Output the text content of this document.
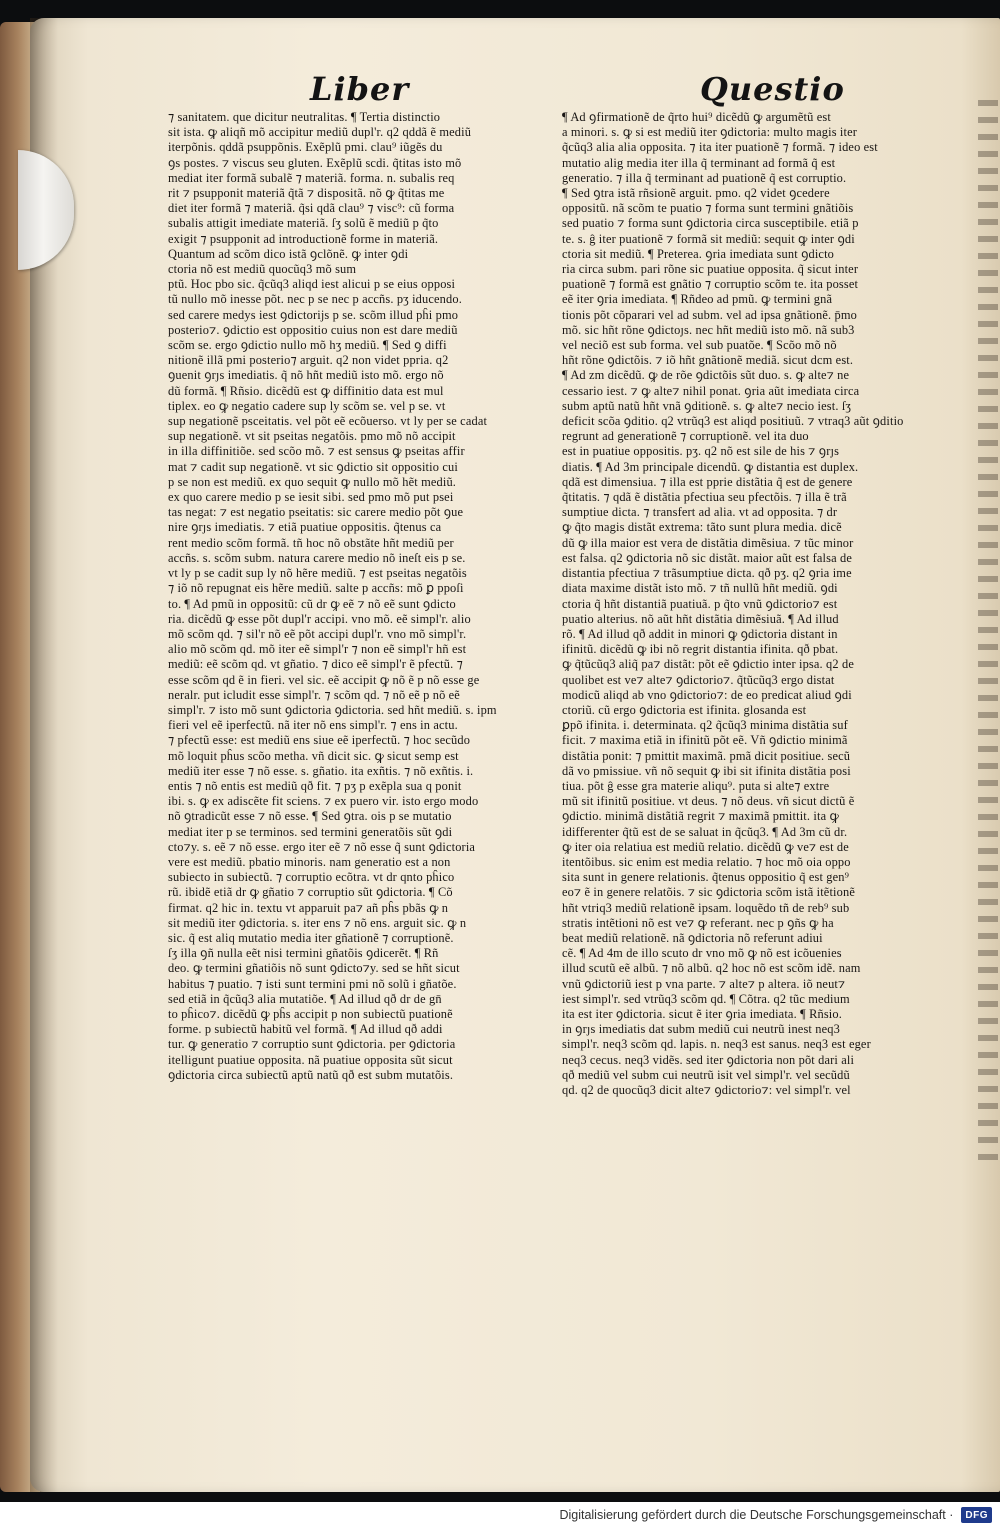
Liber	Questio
⁊ sanitatem. que dicitur neutralitas. ¶ Tertia distinctio
sit ista. ꝙ aliqñ mõ accipitur mediũ dupl'r. q2 qddã ẽ mediũ
iterpõnis. qddã psuppõnis. Exẽplũ pmi. clau⁹ iũgẽs du
ꝯs postes. ⁊ viscus seu gluten. Exẽplũ scdi. q̃titas isto mõ
mediat iter formã subalẽ ⁊ materiã. forma. n. subalis req
rit ⁊ psupponit materiã q̃tã ⁊ dispositã. nõ ꝙ q̃titas me
diet iter formã ⁊ materiã. q̃si qdã clau⁹ ⁊ visc⁹: cũ forma
subalis attigit imediate materiã. ſʒ solũ ẽ mediũ p q̃to
exigit ⁊ psupponit ad introductionẽ forme in materiã.
Quantum ad scõm dico istã ꝯclõnẽ. ꝙ inter ꝯdi
ctoria nõ est mediũ quocũq3 mõ sum
ptũ. Hoc pbo sic. q̃cũq3 aliqd iest alicui p se eius opposi
tũ nullo mõ inesse põt. nec p se nec p accñs. pʒ iducendo.
sed carere medys iest ꝯdictorijs p se. scõm illud pĥi pmo
posterio⁊. ꝯdictio est oppositio cuius non est dare mediũ
scõm se. ergo ꝯdictio nullo mõ hʒ mediũ. ¶ Sed ꝯ diffi
nitionẽ illã pmi posterio⁊ arguit. q2 non videt ppria. q2
ꝯuenit ꝯrȷs imediatis. q̃ nõ hñt mediũ isto mõ. ergo nõ
dũ formã. ¶ Rñsio. dicẽdũ est ꝙ diffinitio data est mul
tiplex. eo ꝙ negatio cadere sup ly scõm se. vel p se. vt
sup negationẽ psceitatis. vel põt eẽ ecõuerso. vt ly per se cadat
sup negationẽ. vt sit pseitas negatõis. pmo mõ nõ accipit
in illa diffinitiõe. sed scõo mõ. ⁊ est sensus ꝙ pseitas affir
mat ⁊ cadit sup negationẽ. vt sic ꝯdictio sit oppositio cui
p se non est mediũ. ex quo sequit ꝙ nullo mõ hẽt mediũ.
ex quo carere medio p se iesit sibi. sed pmo mõ put psei
tas negat: ⁊ est negatio pseitatis: sic carere medio põt ꝯue
nire ꝯrȷs imediatis. ⁊ etiã puatiue oppositis. q̃tenus ca
rent medio scõm formã. tñ hoc nõ obstãte hñt mediũ per
accñs. s. scõm subm. natura carere medio nõ ineſt eis p se.
vt ly p se cadit sup ly nõ hẽre mediũ. ⁊ est pseitas negatõis
⁊ iõ nõ repugnat eis hẽre mediũ. salte p accñs: mõ ꝑ ppoſi
to. ¶ Ad pmũ in oppositũ: cũ dr ꝙ eẽ ⁊ nõ eẽ sunt ꝯdicto
ria. dicẽdũ ꝙ esse põt dupl'r accipi. vno mõ. eẽ simpl'r. alio
mõ scõm qd. ⁊ sil'r nõ eẽ põt accipi dupl'r. vno mõ simpl'r.
alio mõ scõm qd. mõ iter eẽ simpl'r ⁊ non eẽ simpl'r hñ est
mediũ: eẽ scõm qd. vt gñatio. ⁊ dico eẽ simpl'r ẽ pfectũ. ⁊
esse scõm qd ẽ in fieri. vel sic. eẽ accipit ꝙ nõ ẽ p nõ esse ge
neralr. put icludit esse simpl'r. ⁊ scõm qd. ⁊ nõ eẽ p nõ eẽ
simpl'r. ⁊ isto mõ sunt ꝯdictoria ꝯdictoria. sed hñt mediũ. s. ipm
fieri vel eẽ iperfectũ. nã iter nõ ens simpl'r. ⁊ ens in actu.
⁊ pfectũ esse: est mediũ ens siue eẽ iperfectũ. ⁊ hoc secũdo
mõ loquit pĥus scõo metha. vñ dicit sic. ꝙ sicut semp est
mediũ iter esse ⁊ nõ esse. s. gñatio. ita exñtis. ⁊ nõ exñtis. i.
entis ⁊ nõ entis est mediũ qð fit. ⁊ pʒ p exẽpla sua q ponit
ibi. s. ꝙ ex adiscẽte fit sciens. ⁊ ex puero vir. isto ergo modo
nõ ꝯtradicũt esse ⁊ nõ esse. ¶ Sed ꝯtra. ois p se mutatio
mediat iter p se terminos. sed termini generatõis sũt ꝯdi
cto⁊y. s. eẽ ⁊ nõ esse. ergo iter eẽ ⁊ nõ esse q̃ sunt ꝯdictoria
vere est mediũ. pbatio minoris. nam generatio est a non
subiecto in subiectũ. ⁊ corruptio ecõtra. vt dr qnto pĥico
rũ. ibidẽ etiã dr ꝙ gñatio ⁊ corruptio sũt ꝯdictoria. ¶ Cõ
firmat. q2 hic in. textu vt apparuit pa⁊ añ pĥs pbãs ꝙ n
sit mediũ iter ꝯdictoria. s. iter ens ⁊ nõ ens. arguit sic. ꝙ n
sic. q̃ est aliq mutatio media iter gñationẽ ⁊ corruptionẽ.
ſʒ illa ꝯñ nulla eẽt nisi termini gñatõis ꝯdicerẽt. ¶ Rñ
deo. ꝙ termini gñatiõis nõ sunt ꝯdicto⁊y. sed se hñt sicut
habitus ⁊ puatio. ⁊ isti sunt termini pmi nõ solũ i gñatõe.
sed etiã in q̃cũq3 alia mutatiõe. ¶ Ad illud qð dr de gn̄
to pĥico⁊. dicẽdũ ꝙ pĥs accipit p non subiectũ puationẽ
forme. p subiectũ habitũ vel formã. ¶ Ad illud qð addi
tur. ꝙ generatio ⁊ corruptio sunt ꝯdictoria. per ꝯdictoria
itelligunt puatiue opposita. nã puatiue opposita sũt sicut
ꝯdictoria circa subiectũ aptũ natũ qð est subm mutatõis.
¶ Ad ꝯfirmationẽ de q̃rto hui⁹ dicẽdũ ꝙ argumẽtũ est
a minori. s. ꝙ si est mediũ iter ꝯdictoria: multo magis iter
q̃cũq3 alia alia opposita. ⁊ ita iter puationẽ ⁊ formã. ⁊ ideo est
mutatio alig media iter illa q̃ terminant ad formã q̃ est
generatio. ⁊ illa q̃ terminant ad puationẽ q̃ est corruptio.
¶ Sed ꝯtra istã rñsionẽ arguit. pmo. q2 videt ꝯcedere
oppositũ. nã scõm te puatio ⁊ forma sunt termini gnãtiõis
sed puatio ⁊ forma sunt ꝯdictoria circa susceptibile. etiã p
te. s. ĝ iter puationẽ ⁊ formã sit mediũ: sequit ꝙ inter ꝯdi
ctoria sit mediũ. ¶ Preterea. ꝯria imediata sunt ꝯdicto
ria circa subm. pari rõne sic puatiue opposita. q̃ sicut inter
puationẽ ⁊ formã est gnãtio ⁊ corruptio scõm te. ita posset
eẽ iter ꝯria imediata. ¶ Rñdeo ad pmũ. ꝙ termini gnã
tionis põt cõparari vel ad subm. vel ad ipsa gnãtionẽ. p̄mo
mõ. sic hñt rõne ꝯdictoȷs. nec hñt mediũ isto mõ. nã sub3
vel neciõ est sub forma. vel sub puatõe. ¶ Scõo mõ nõ
hñt rõne ꝯdictõis. ⁊ iõ hñt gnãtionẽ mediã. sicut dcm est.
¶ Ad zm dicẽdũ. ꝙ de rõe ꝯdictõis sũt duo. s. ꝙ alte⁊ ne
cessario iest. ⁊ ꝙ alte⁊ nihil ponat. ꝯria aũt imediata circa
subm aptũ natũ hñt vnã ꝯditionẽ. s. ꝙ alte⁊ necio iest. ſʒ
deficit scõa ꝯditio. q2 vtrũq3 est aliqd positiuũ. ⁊ vtraq3 aũt ꝯditio
regrunt ad generationẽ ⁊ corruptionẽ. vel ita duo
est in puatiue oppositis. pʒ. q2 nõ est sile de his ⁊ ꝯrȷs
diatis. ¶ Ad 3m principale dicendũ. ꝙ distantia est duplex.
qdã est dimensiua. ⁊ illa est pprie distãtia q̃ est de genere
q̃titatis. ⁊ qdã ẽ distãtia pfectiua seu pfectõis. ⁊ illa ẽ trã
sumptiue dicta. ⁊ transfert ad alia. vt ad opposita. ⁊ dr
ꝙ q̃to magis distãt extrema: tãto sunt plura media. dicẽ
dũ ꝙ illa maior est vera de distãtia dimẽsiua. ⁊ tũc minor
est falsa. q2 ꝯdictoria nõ sic distãt. maior aũt est falsa de
distantia pfectiua ⁊ trãsumptiue dicta. qð pʒ. q2 ꝯria ime
diata maxime distãt isto mõ. ⁊ tñ nullũ hñt mediũ. ꝯdi
ctoria q̃ hñt distantiã puatiuã. p q̃to vnũ ꝯdictorio⁊ est
puatio alterius. nõ aũt hñt distãtia dimẽsiuã. ¶ Ad illud
rõ. ¶ Ad illud qð addit in minori ꝙ ꝯdictoria distant in
ifinitũ. dicẽdũ ꝙ ibi nõ regrit distantia ifinita. qð pbat.
ꝙ q̃tũcũq3 aliq̃ pa⁊ distãt: põt eẽ ꝯdictio inter ipsa. q2 de
quolibet est ve⁊ alte⁊ ꝯdictorio⁊. q̃tũcũq3 ergo distat
modicũ aliqd ab vno ꝯdictorio⁊: de eo predicat aliud ꝯdi
ctoriũ. cũ ergo ꝯdictoria est ifinita. glosanda est
ꝑpõ ifinita. i. determinata. q2 q̃cũq3 minima distãtia suf
ficit. ⁊ maxima etiã in ifinitũ põt eẽ. Vñ ꝯdictio minimã
distãtia ponit: ⁊ pmittit maximã. pmã dicit positiue. secũ
dã vo pmissiue. vñ nõ sequit ꝙ ibi sit ifinita distãtia posi
tiua. põt ĝ esse gra materie aliqu⁹. puta si alte⁊ extre
mũ sit ifinitũ positiue. vt deus. ⁊ nõ deus. vñ sicut dictũ ẽ
ꝯdictio. minimã distãtiã regrit ⁊ maximã pmittit. ita ꝙ
idifferenter q̃tũ est de se saluat in q̃cũq3. ¶ Ad 3m cũ dr.
ꝙ iter oia relatiua est mediũ relatio. dicẽdũ ꝙ ve⁊ est de
itentõibus. sic enim est media relatio. ⁊ hoc mõ oia oppo
sita sunt in genere relationis. q̃tenus oppositio q̃ est gen⁹
eo⁊ ẽ in genere relatõis. ⁊ sic ꝯdictoria scõm istã itẽtionẽ
hñt vtriq3 mediũ relationẽ ipsam. loquẽdo tñ de reb⁹ sub
stratis intẽtioni nõ est ve⁊ ꝙ referant. nec p ꝯñs ꝙ ha
beat mediũ relationẽ. nã ꝯdictoria nõ referunt adiui
cẽ. ¶ Ad 4m de illo scuto dr vno mõ ꝙ nõ est icõuenies
illud scutũ eẽ albũ. ⁊ nõ albũ. q2 hoc nõ est scõm idẽ. nam
vnũ ꝯdictoriũ iest p vna parte. ⁊ alte⁊ p altera. iõ neut⁊
iest simpl'r. sed vtrũq3 scõm qd. ¶ Cõtra. q2 tũc medium
ita est iter ꝯdictoria. sicut ẽ iter ꝯria imediata. ¶ Rñsio.
in ꝯrȷs imediatis dat subm mediũ cui neutrũ inest neq3
simpl'r. neq3 scõm qd. lapis. n. neq3 est sanus. neq3 est eger
neq3 cecus. neq3 vidẽs. sed iter ꝯdictoria non põt dari ali
qð mediũ vel subm cui neutrũ isit vel simpl'r. vel secũdũ
qd. q2 de quocũq3 dicit alte⁊ ꝯdictorio⁊: vel simpl'r. vel
Digitalisierung gefördert durch die Deutsche Forschungsgemeinschaft ·	DFG
